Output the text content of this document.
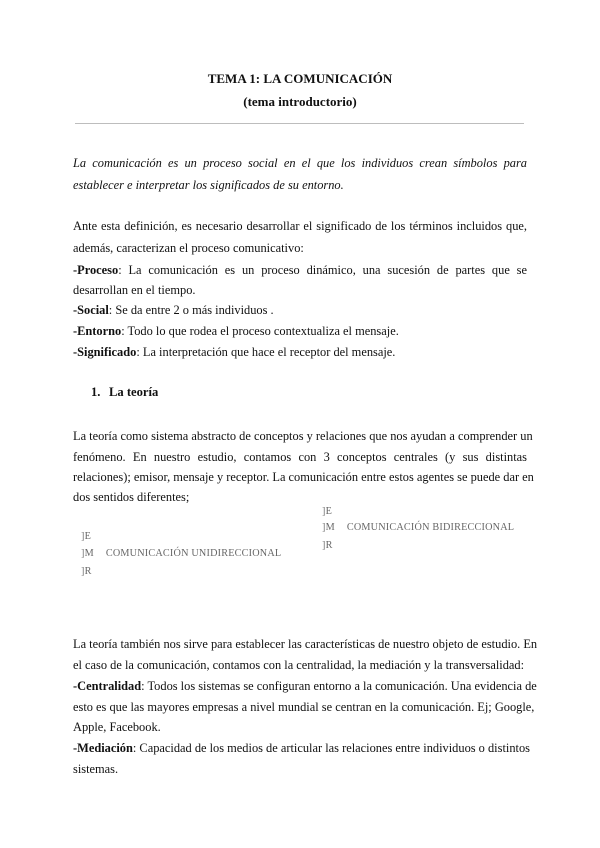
TEMA 1: LA COMUNICACIÓN
(tema introductorio)
La comunicación es un proceso social en el que los individuos crean símbolos para
establecer e interpretar los significados de su entorno.
Ante esta definición, es necesario desarrollar el significado de los términos incluidos que,
además, caracterizan el proceso comunicativo:
-Proceso: La comunicación es un proceso dinámico, una sucesión de partes que se
desarrollan en el tiempo.
-Social: Se da entre 2 o más individuos .
-Entorno: Todo lo que rodea el proceso contextualiza el mensaje.
-Significado: La interpretación que hace el receptor del mensaje.
1. La teoría
La teoría como sistema abstracto de conceptos y relaciones que nos ayudan a comprender un
fenómeno. En nuestro estudio, contamos con 3 conceptos centrales (y sus distintas
relaciones); emisor, mensaje y receptor. La comunicación entre estos agentes se puede dar en
dos sentidos diferentes;
]E
]M COMUNICACIÓN BIDIRECCIONAL
]R
]E
]M COMUNICACIÓN UNIDIRECCIONAL
]R
La teoría también nos sirve para establecer las características de nuestro objeto de estudio. En
el caso de la comunicación, contamos con la centralidad, la mediación y la transversalidad:
-Centralidad: Todos los sistemas se configuran entorno a la comunicación. Una evidencia de
esto es que las mayores empresas a nivel mundial se centran en la comunicación. Ej; Google,
Apple, Facebook.
-Mediación: Capacidad de los medios de articular las relaciones entre individuos o distintos
sistemas.
